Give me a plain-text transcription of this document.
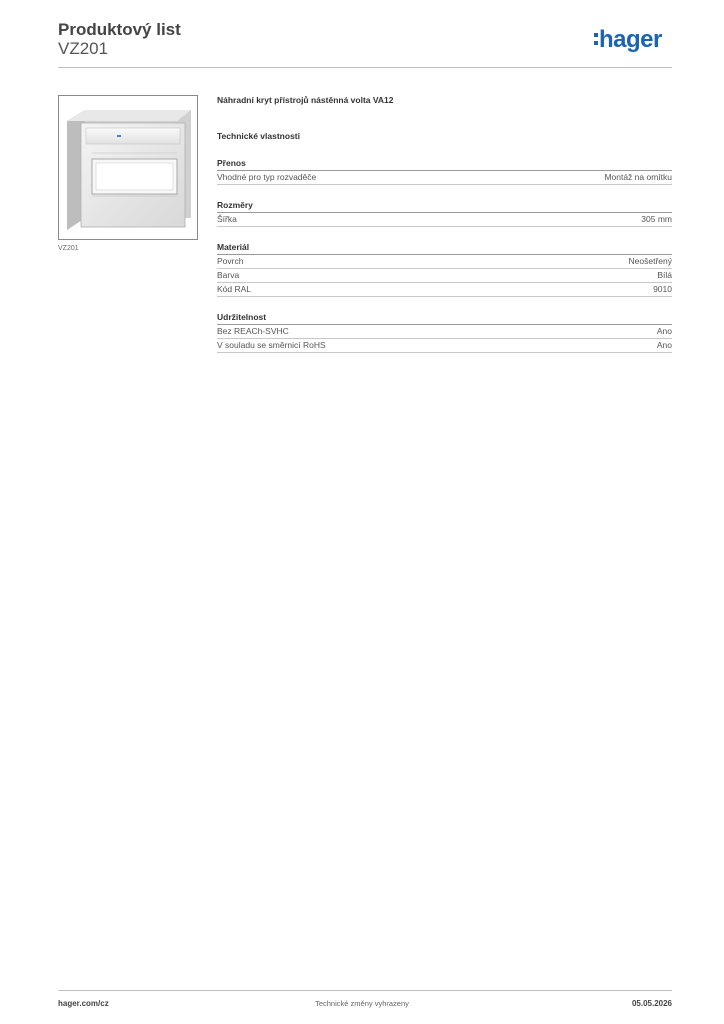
Produktový list
VZ201	hager
VZ201
Náhradní kryt přístrojů nástěnná volta VA12
Technické vlastnosti
Přenos
Vhodné pro typ rozvaděče	Montáž na omítku
Rozměry
Šířka	305 mm
Materiál
Povrch	Neošetřený
Barva	Bílá
Kód RAL	9010
Udržitelnost
Bez REACh-SVHC	Ano
V souladu se směrnicí RoHS	Ano
hager.com/cz	Technické změny vyhrazeny	05.05.2026
